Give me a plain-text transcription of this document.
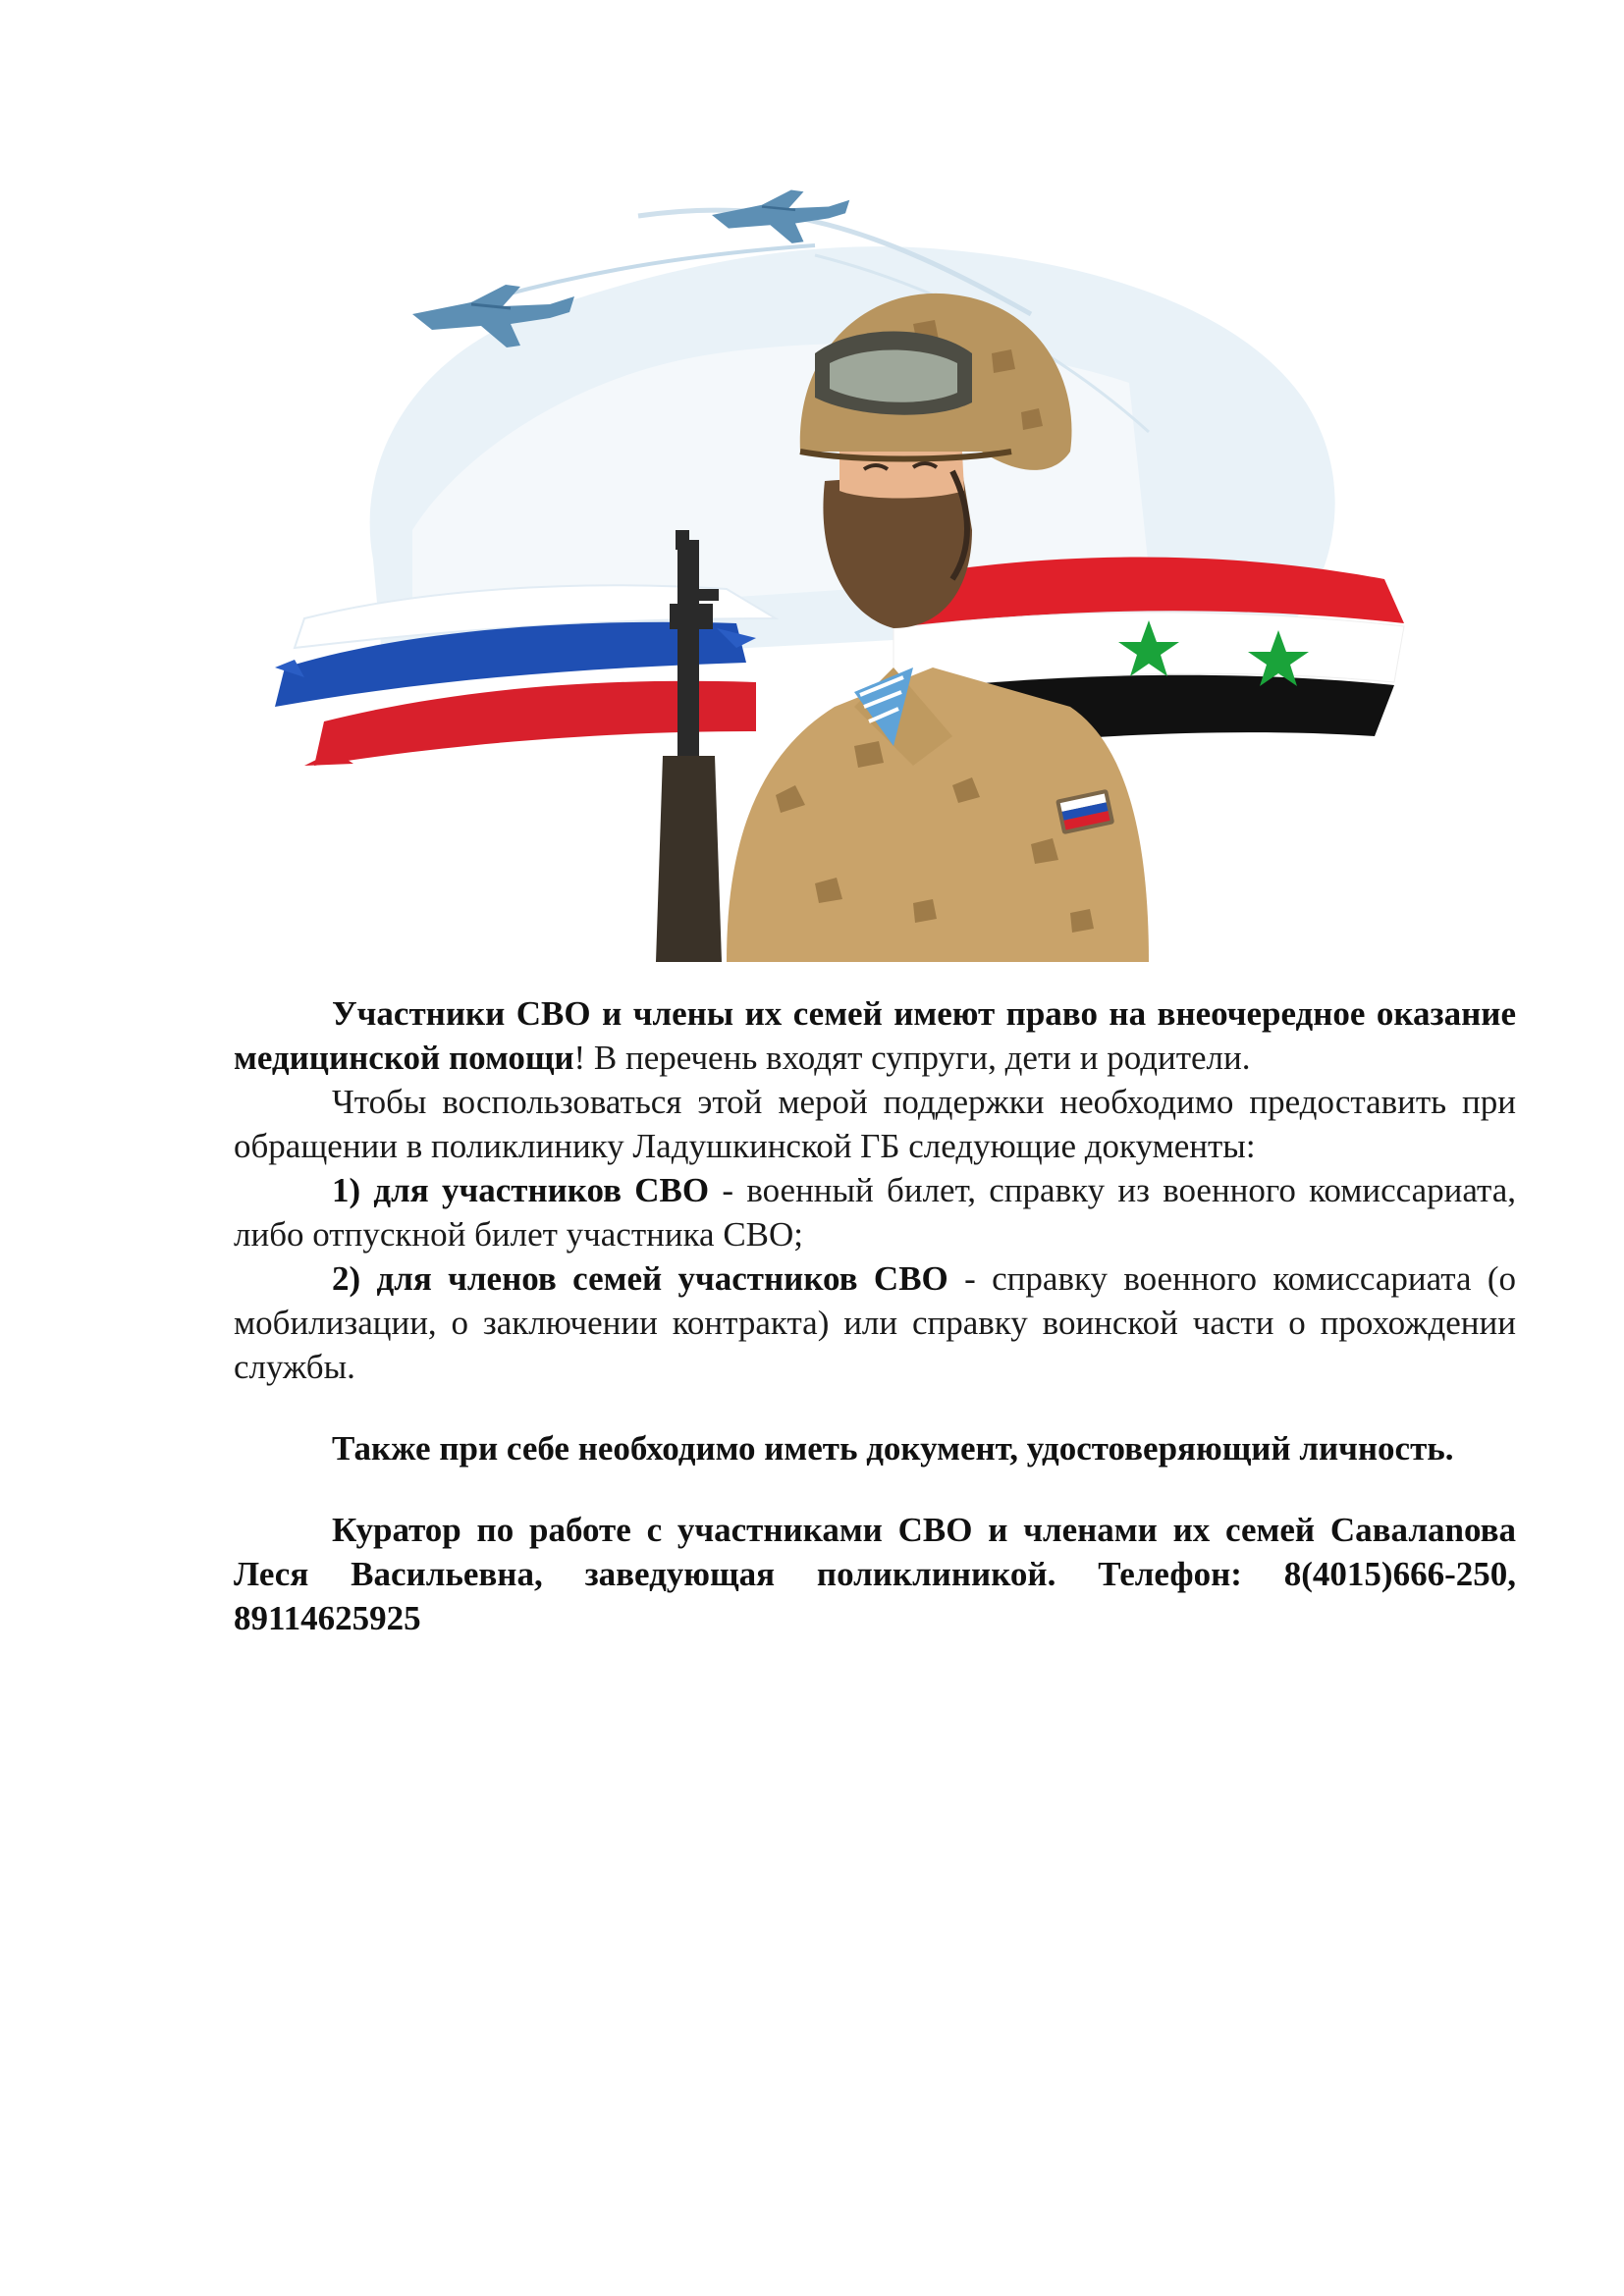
Участники СВО и члены их семей имеют право на внеочередное оказание медицинской помощи! В перечень входят супруги, дети и родители.

Чтобы воспользоваться этой мерой поддержки необходимо предоставить при обращении в поликлинику Ладушкинской ГБ следующие документы:

1) для участников СВО - военный билет, справку из военного комиссариата, либо отпускной билет участника СВО;

2) для членов семей участников СВО - справку военного комиссариата (о мобилизации, о заключении контракта) или справку воинской части о прохождении службы.

Также при себе необходимо иметь документ, удостоверяющий личность.

Куратор по работе с участниками СВО и членами их семей Савалanова Леся Васильевна, заведующая поликлиникой. Телефон: 8(4015)666-250, 89114625925
